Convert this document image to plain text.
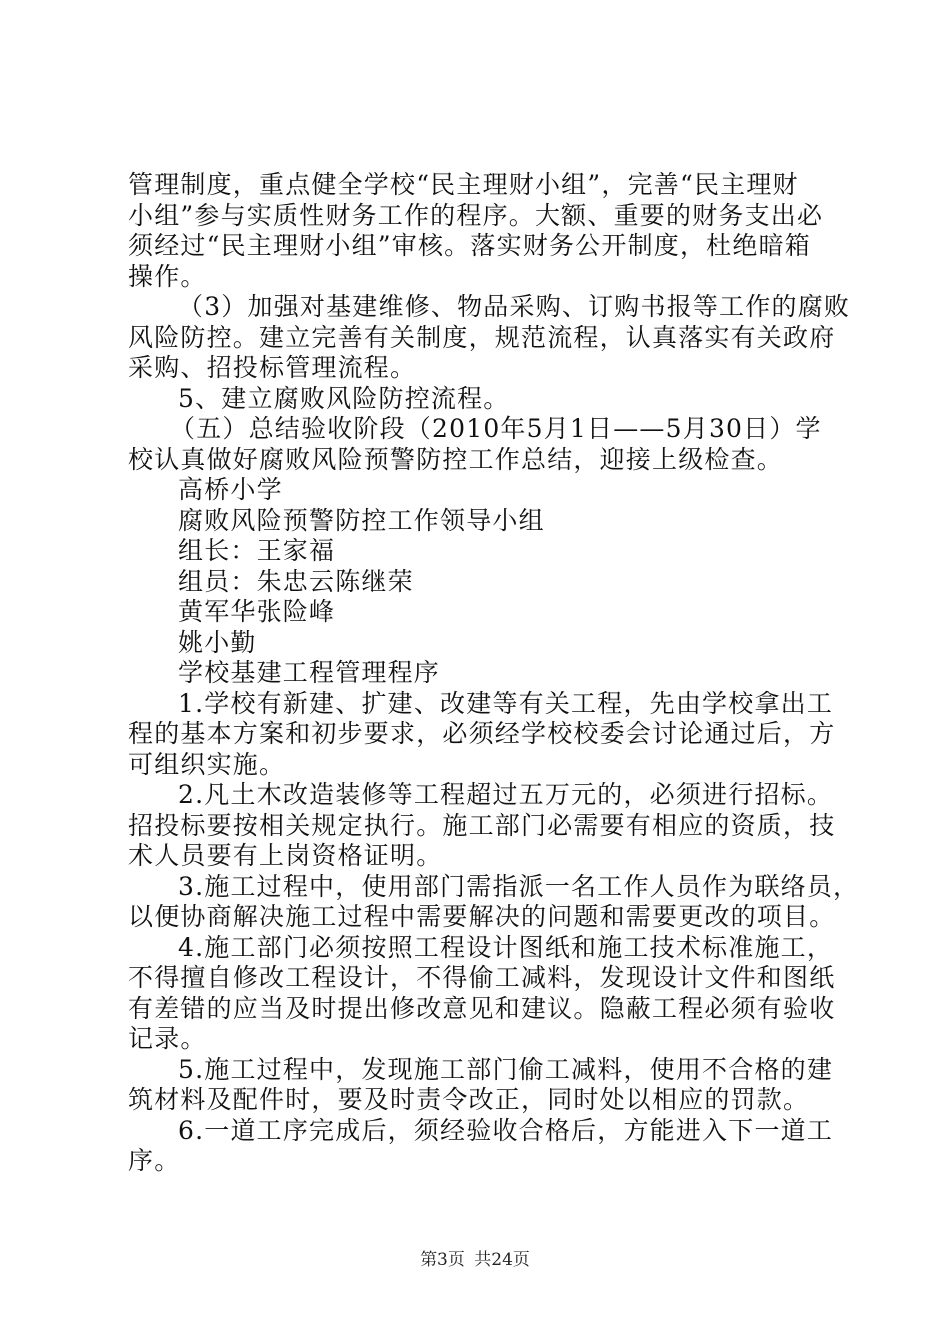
管理制度，重点健全学校“民主理财小组”，完善“民主理财
小组”参与实质性财务工作的程序。大额、重要的财务支出必
须经过“民主理财小组”审核。落实财务公开制度，杜绝暗箱
操作。
（3）加强对基建维修、物品采购、订购书报等工作的腐败
风险防控。建立完善有关制度，规范流程，认真落实有关政府
采购、招投标管理流程。
5、建立腐败风险防控流程。
（五）总结验收阶段（2010年5月1日——5月30日）学
校认真做好腐败风险预警防控工作总结，迎接上级检查。
高桥小学
腐败风险预警防控工作领导小组
组长：王家福
组员：朱忠云陈继荣
黄军华张险峰
姚小勤
学校基建工程管理程序
1.学校有新建、扩建、改建等有关工程，先由学校拿出工
程的基本方案和初步要求，必须经学校校委会讨论通过后，方
可组织实施。
2.凡土木改造装修等工程超过五万元的，必须进行招标。
招投标要按相关规定执行。施工部门必需要有相应的资质，技
术人员要有上岗资格证明。
3.施工过程中，使用部门需指派一名工作人员作为联络员，
以便协商解决施工过程中需要解决的问题和需要更改的项目。
4.施工部门必须按照工程设计图纸和施工技术标准施工，
不得擅自修改工程设计，不得偷工减料，发现设计文件和图纸
有差错的应当及时提出修改意见和建议。隐蔽工程必须有验收
记录。
5.施工过程中，发现施工部门偷工减料，使用不合格的建
筑材料及配件时，要及时责令改正，同时处以相应的罚款。
6.一道工序完成后，须经验收合格后，方能进入下一道工
序。
第3页 共24页
